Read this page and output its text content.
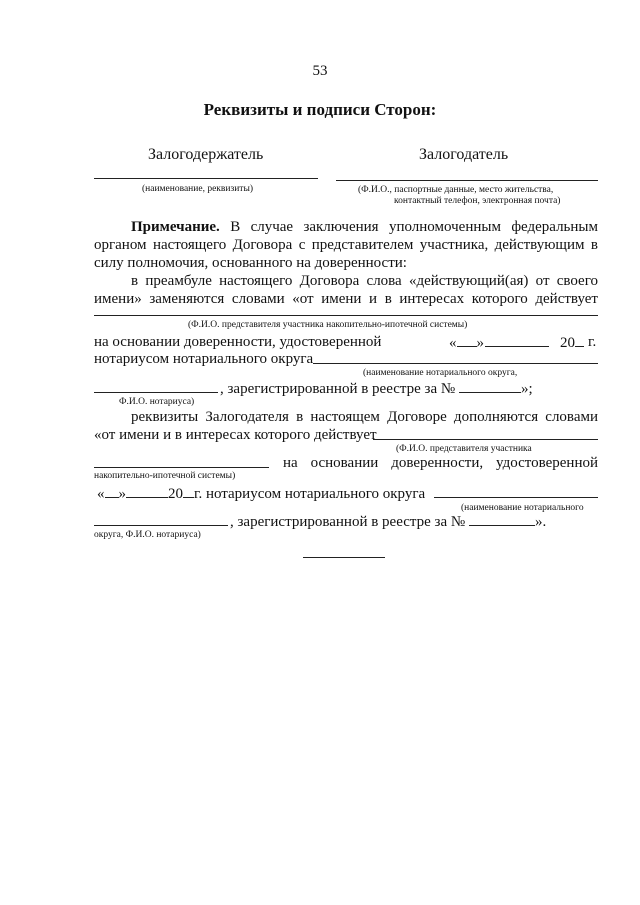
53
Реквизиты и подписи Сторон:
Залогодержатель	Залогодатель
(наименование, реквизиты)	(Ф.И.О., паспортные данные, место жительства,
контактный телефон, электронная почта)
Примечание. В случае заключения уполномоченным федеральным
органом настоящего Договора с представителем участника, действующим в
силу полномочия, основанного на доверенности:
в преамбуле настоящего Договора слова «действующий(ая) от своего
имени» заменяются словами «от имени и в интересах которого действует
(Ф.И.О. представителя участника накопительно-ипотечной системы)
на основании доверенности, удостоверенной	« »	20 г.
нотариусом нотариального округа
(наименование нотариального округа,
, зарегистрированной в реестре за №	»;
Ф.И.О. нотариуса)
реквизиты Залогодателя в настоящем Договоре дополняются словами
«от имени и в интересах которого действует
(Ф.И.О. представителя участника
на основании доверенности, удостоверенной
накопительно-ипотечной системы)
« »	20 г. нотариусом нотариального округа
(наименование нотариального
, зарегистрированной в реестре за №	».
округа, Ф.И.О. нотариуса)
